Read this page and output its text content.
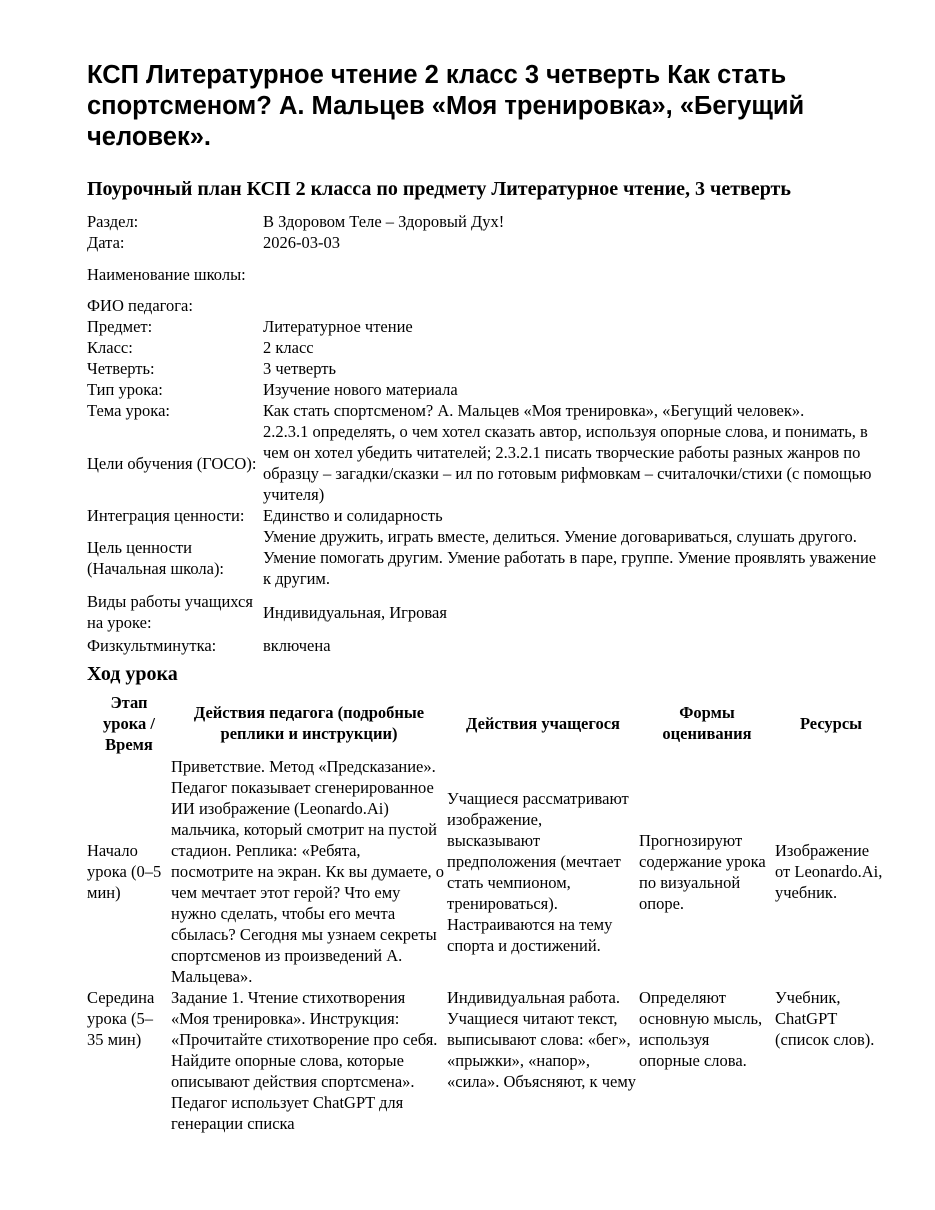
КСП Литературное чтение 2 класс 3 четверть Как стать спортсменом? А. Мальцев «Моя тренировка», «Бегущий человек».
Поурочный план КСП 2 класса по предмету Литературное чтение, 3 четверть
Раздел:	В Здоровом Теле – Здоровый Дух!
Дата:	2026-03-03
Наименование школы:	
ФИО педагога:	
Предмет:	Литературное чтение
Класс:	2 класс
Четверть:	3 четверть
Тип урока:	Изучение нового материала
Тема урока:	Как стать спортсменом? А. Мальцев «Моя тренировка», «Бегущий человек».
Цели обучения (ГОСО):	2.2.3.1 определять, о чем хотел сказать автор, используя опорные слова, и понимать, в чем он хотел убедить читателей; 2.3.2.1 писать творческие работы разных жанров по образцу – загадки/сказки – ил по готовым рифмовкам – считалочки/стихи (с помощью учителя)
Интеграция ценности:	Единство и солидарность
Цель ценности (Начальная школа):	Умение дружить, играть вместе, делиться. Умение договариваться, слушать другого. Умение помогать другим. Умение работать в паре, группе. Умение проявлять уважение к другим.
Виды работы учащихся на уроке:	Индивидуальная, Игровая
Физкультминутка:	включена
Ход урока
Этап урока / Время	Действия педагога (подробные реплики и инструкции)	Действия учащегося	Формы оценивания	Ресурсы
Начало урока (0–5 мин)	Приветствие. Метод «Предсказание». Педагог показывает сгенерированное ИИ изображение (Leonardo.Ai) мальчика, который смотрит на пустой стадион. Реплика: «Ребята, посмотрите на экран. Кк вы думаете, о чем мечтает этот герой? Что ему нужно сделать, чтобы его мечта сбылась? Сегодня мы узнаем секреты спортсменов из произведений А. Мальцева».	Учащиеся рассматривают изображение, высказывают предположения (мечтает стать чемпионом, тренироваться). Настраиваются на тему спорта и достижений.	Прогнозируют содержание урока по визуальной опоре.	Изображение от Leonardo.Ai, учебник.
Середина урока (5–35 мин)	Задание 1. Чтение стихотворения «Моя тренировка». Инструкция: «Прочитайте стихотворение про себя. Найдите опорные слова, которые описывают действия спортсмена». Педагог использует ChatGPT для генерации списка	Индивидуальная работа. Учащиеся читают текст, выписывают слова: «бег», «прыжки», «напор», «сила». Объясняют, к чему	Определяют основную мысль, используя опорные слова.	Учебник, ChatGPT (список слов).
